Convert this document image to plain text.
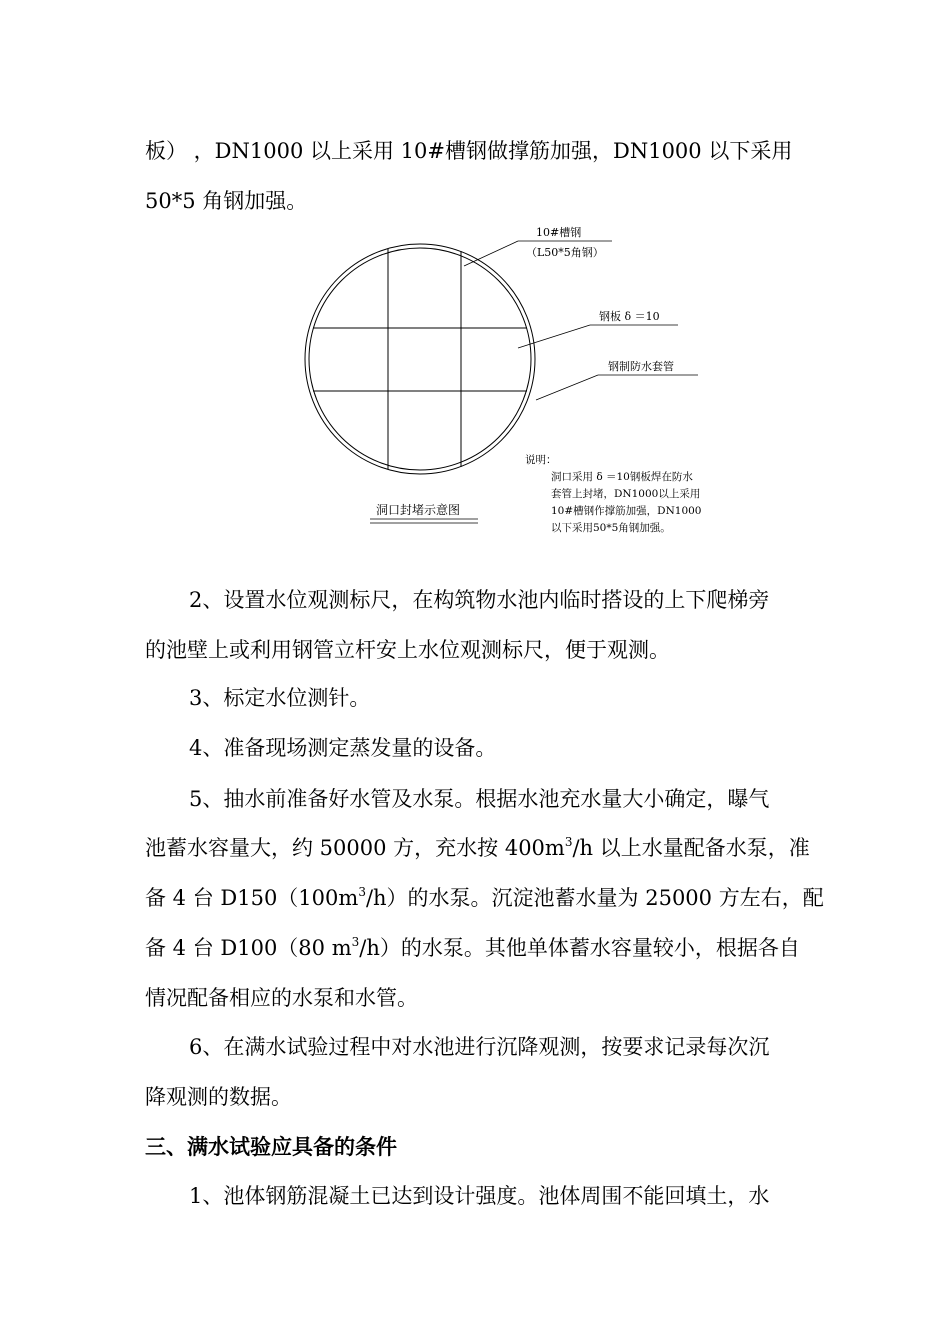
板） ，DN1000 以上采用 10#槽钢做撑筋加强，DN1000 以下采用
50*5 角钢加强。
10#槽钢
（L50*5角钢）
钢板 δ ＝10
钢制防水套管
洞口封堵示意图
说明：
洞口采用 δ ＝10钢板焊在防水
套管上封堵，DN1000以上采用
10#槽钢作撑筋加强，DN1000
以下采用50*5角钢加强。
2、设置水位观测标尺，在构筑物水池内临时搭设的上下爬梯旁
的池壁上或利用钢管立杆安上水位观测标尺，便于观测。
3、标定水位测针。
4、准备现场测定蒸发量的设备。
5、抽水前准备好水管及水泵。根据水池充水量大小确定，曝气
池蓄水容量大，约 50000 方，充水按 $400m^3/h$ 以上水量配备水泵，准
备 4 台 $D150(100m^3/h)$的水泵。沉淀池蓄水量为 25000 方左右，配
备 4 台 D100（80 $m^3/h$）的水泵。其他单体蓄水容量较小，根据各自
情况配备相应的水泵和水管。
6、在满水试验过程中对水池进行沉降观测，按要求记录每次沉
降观测的数据。
三、满水试验应具备的条件
1、池体钢筋混凝土已达到设计强度。池体周围不能回填土，水
